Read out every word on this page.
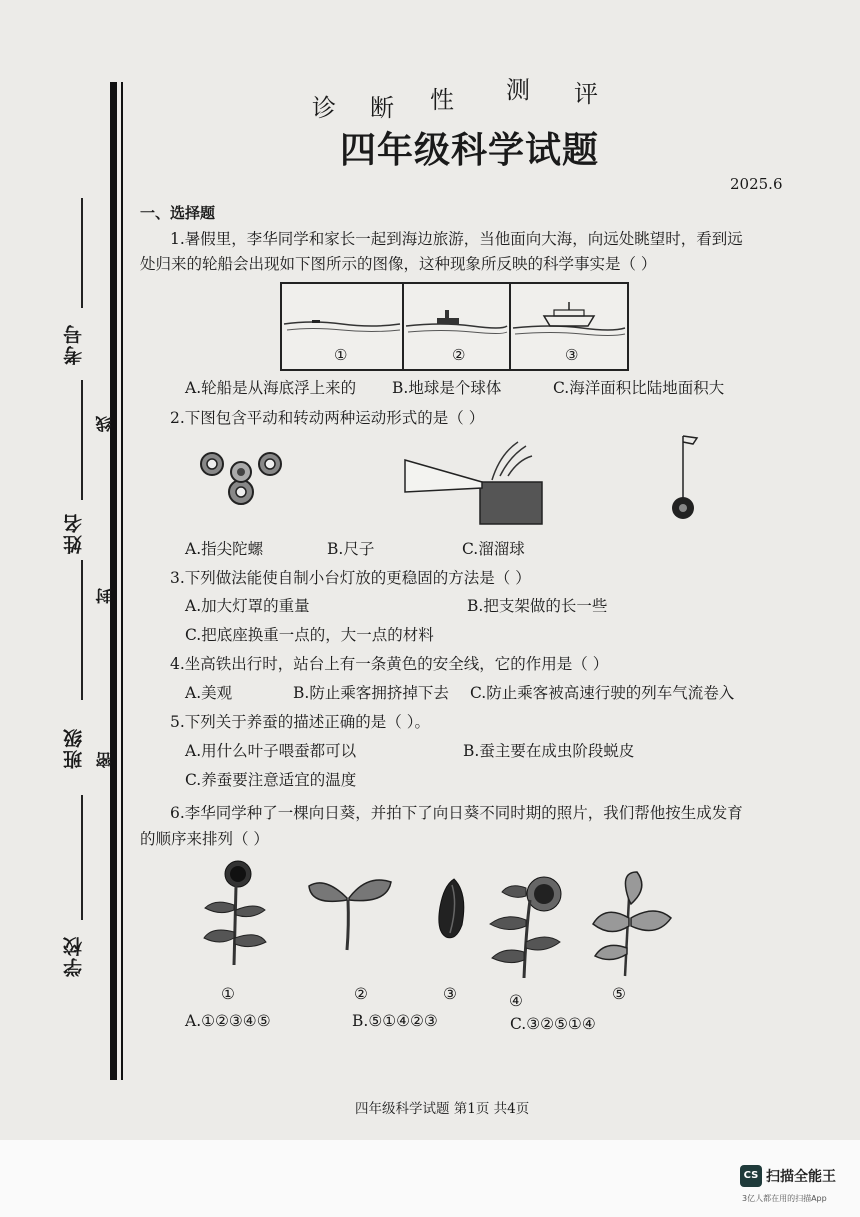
考号
姓名
班级
学校
线
封
密
诊 断 性 测 评
四年级科学试题
2025.6
一、选择题
1.暑假里，李华同学和家长一起到海边旅游，当他面向大海，向远处眺望时，看到远
处归来的轮船会出现如下图所示的图像，这种现象所反映的科学事实是（ ）
①	②	③
A.轮船是从海底浮上来的 B.地球是个球体	C.海洋面积比陆地面积大
2.下图包含平动和转动两种运动形式的是（ ）
A.指尖陀螺	B.尺子	C.溜溜球
3.下列做法能使自制小台灯放的更稳固的方法是（ ）
A.加大灯罩的重量	B.把支架做的长一些
C.把底座换重一点的，大一点的材料
4.坐高铁出行时，站台上有一条黄色的安全线，它的作用是（ ）
A.美观	B.防止乘客拥挤掉下去 C.防止乘客被高速行驶的列车气流卷入
5.下列关于养蚕的描述正确的是（ ）。
A.用什么叶子喂蚕都可以	B.蚕主要在成虫阶段蜕皮
C.养蚕要注意适宜的温度
6.李华同学种了一棵向日葵，并拍下了向日葵不同时期的照片，我们帮他按生成发育
的顺序来排列（ ）
①	②	③	④	⑤
A.①②③④⑤	B.⑤①④②③	C.③②⑤①④
四年级科学试题 第1页 共4页
CS 扫描全能王
3亿人都在用的扫描App
